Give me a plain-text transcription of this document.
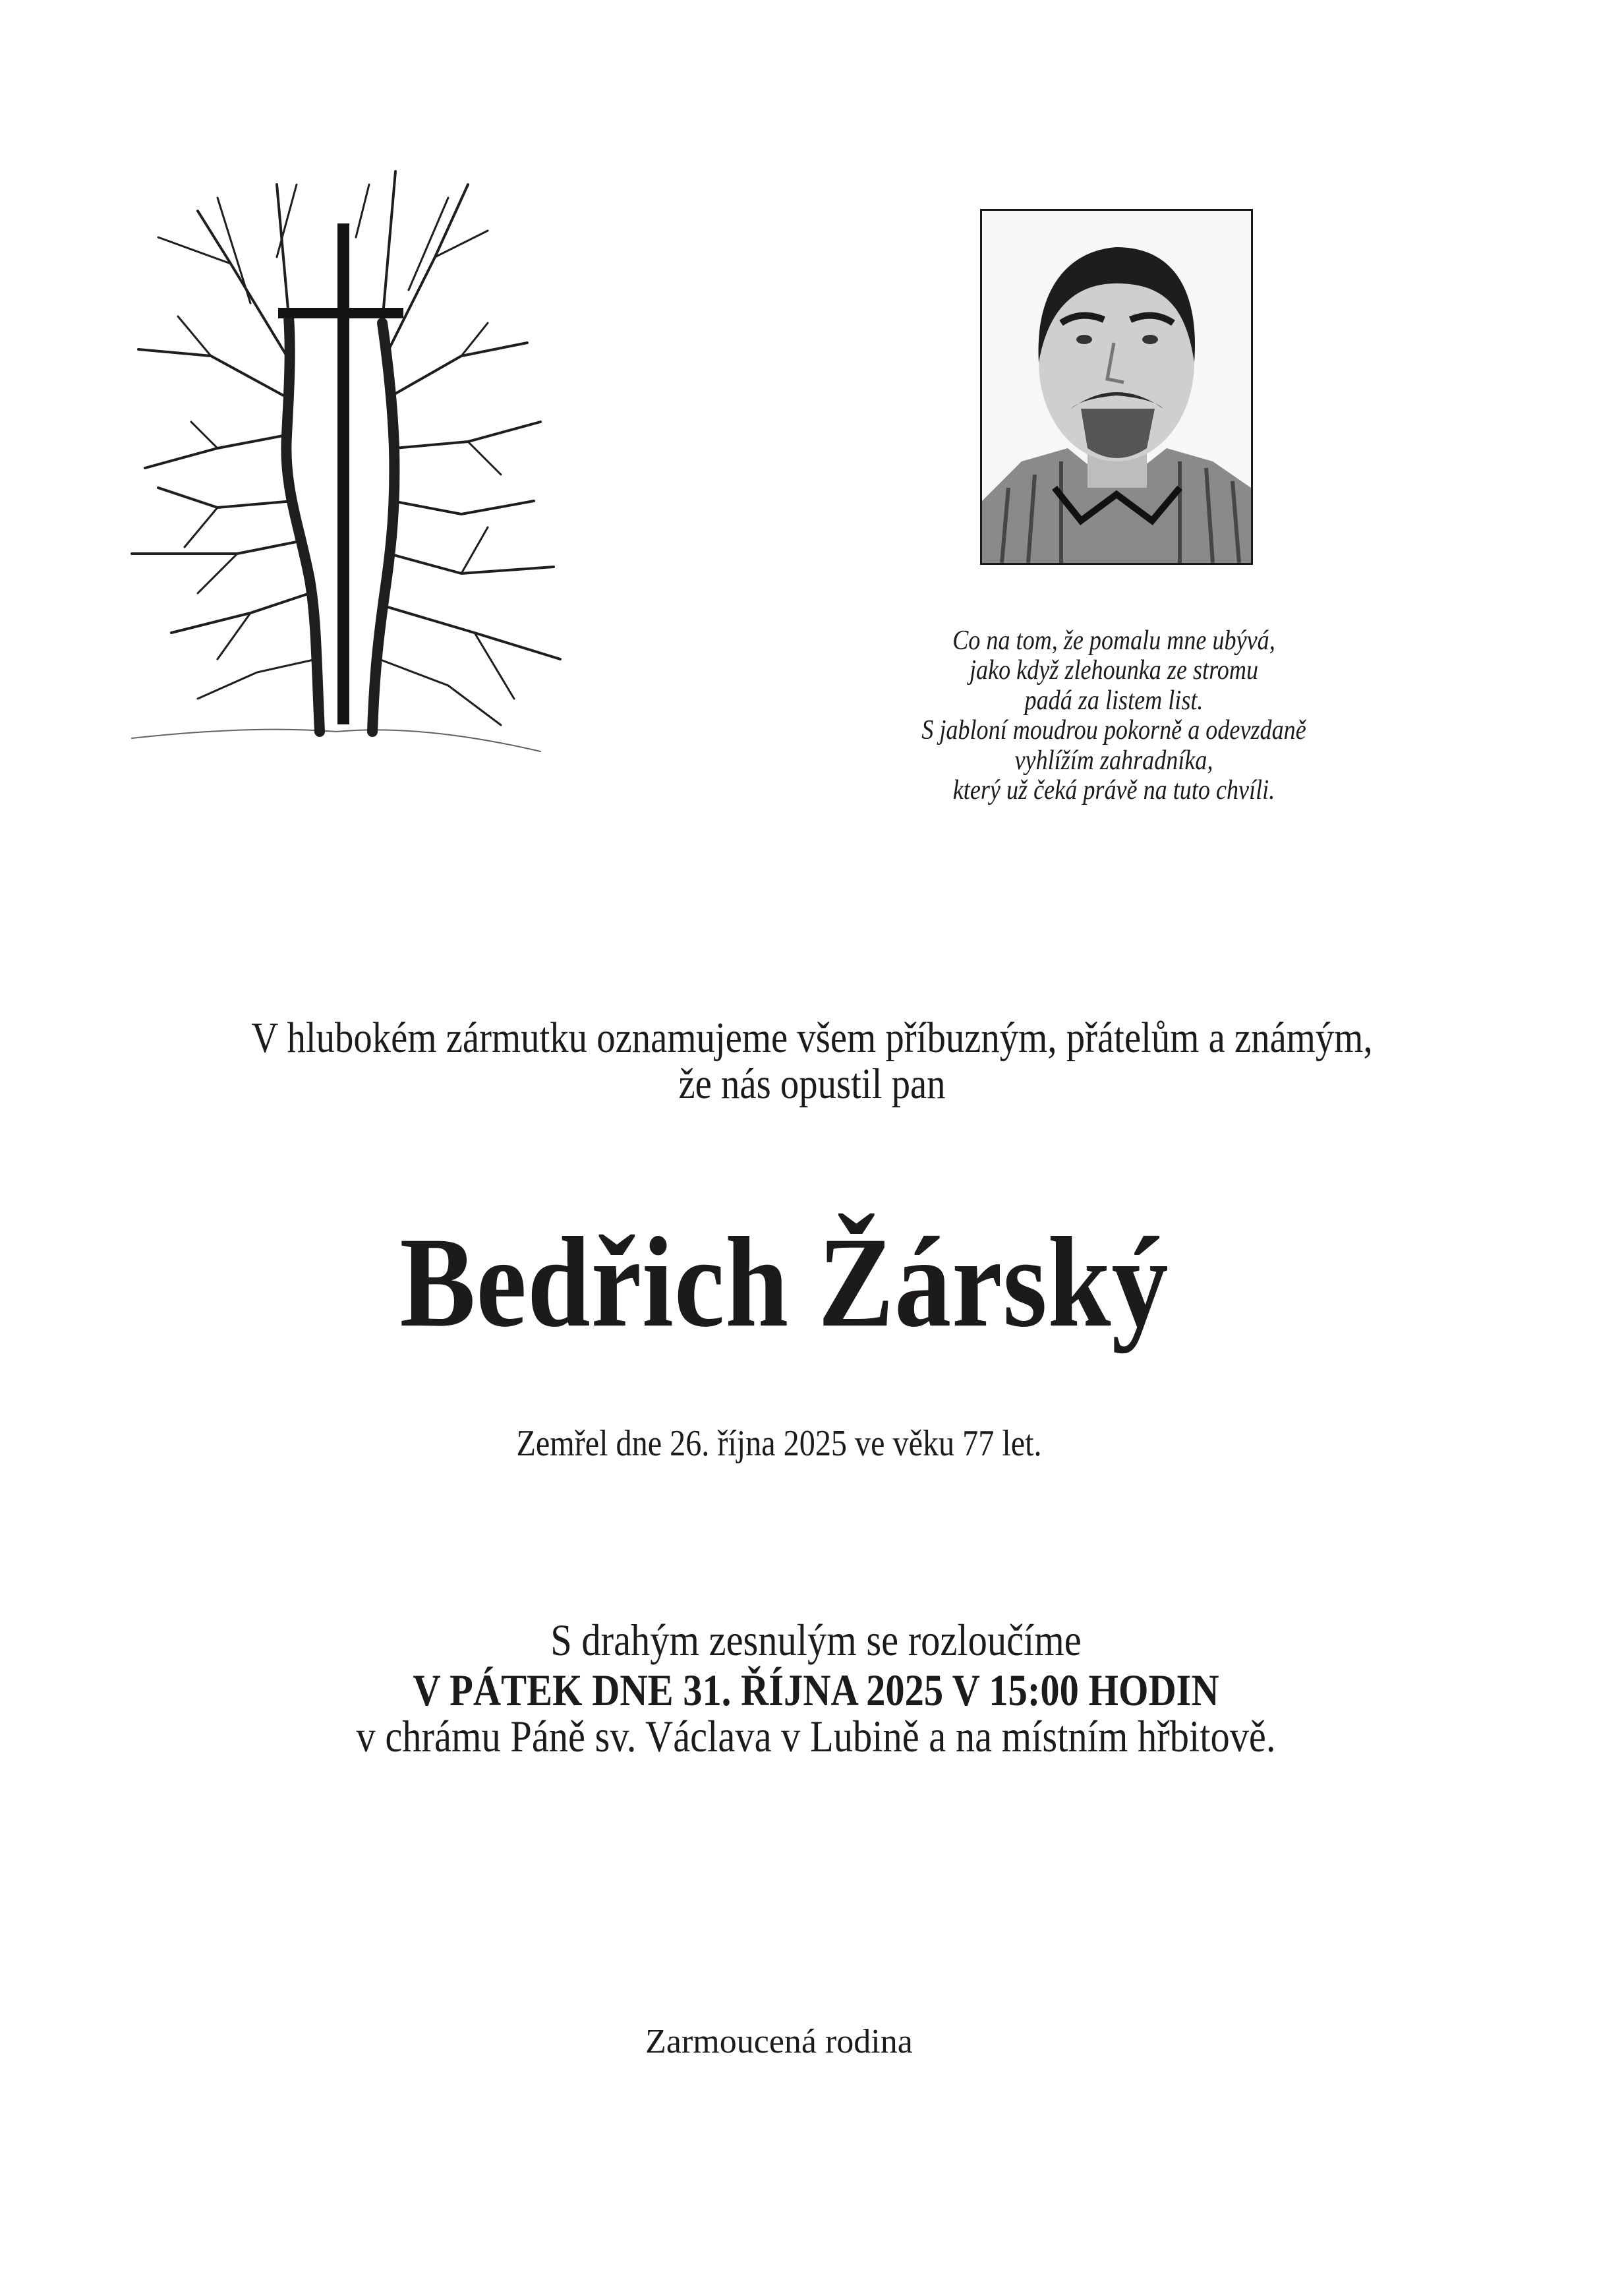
Co na tom, že pomalu mne ubývá,
jako když zlehounka ze stromu
padá za listem list.
S jabloní moudrou pokorně a odevzdaně
vyhlížím zahradníka,
který už čeká právě na tuto chvíli.
V hlubokém zármutku oznamujeme všem příbuzným, přátelům a známým,
že nás opustil pan
Bedřich Žárský
Zemřel dne 26. října 2025 ve věku 77 let.
S drahým zesnulým se rozloučíme
V PÁTEK DNE 31. ŘÍJNA 2025 V 15:00 HODIN
v chrámu Páně sv. Václava v Lubině a na místním hřbitově.
Zarmoucená rodina
